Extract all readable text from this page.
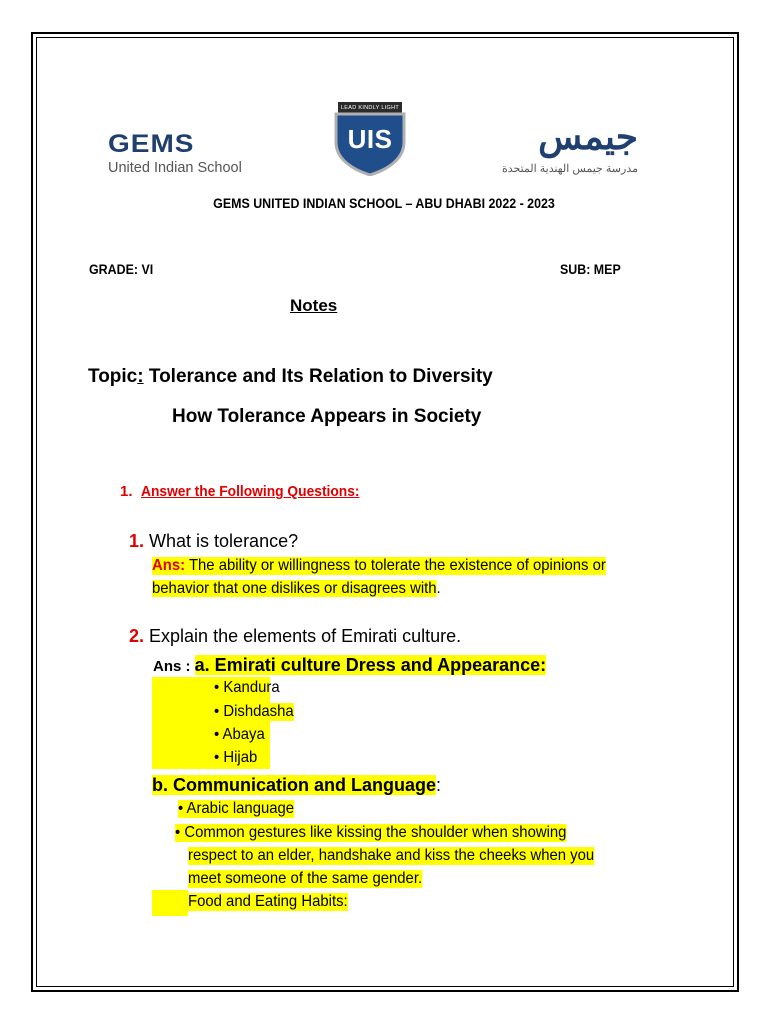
GEMS
United Indian School
LEAD KINDLY LIGHT
UIS	جيمس
مدرسة جيمس الهندية المتحدة
GEMS UNITED INDIAN SCHOOL – ABU DHABI 2022 - 2023
GRADE: VI	SUB: MEP
Notes
Topic: Tolerance and Its Relation to Diversity
How Tolerance Appears in Society
1. Answer the Following Questions:
1. What is tolerance?
Ans: The ability or willingness to tolerate the existence of opinions or
behavior that one dislikes or disagrees with.
2. Explain the elements of Emirati culture.
Ans : a. Emirati culture Dress and Appearance:
• Kandura
• Dishdasha
• Abaya
• Hijab
b. Communication and Language:
• Arabic language
• Common gestures like kissing the shoulder when showing
respect to an elder, handshake and kiss the cheeks when you
meet someone of the same gender.
Food and Eating Habits:
